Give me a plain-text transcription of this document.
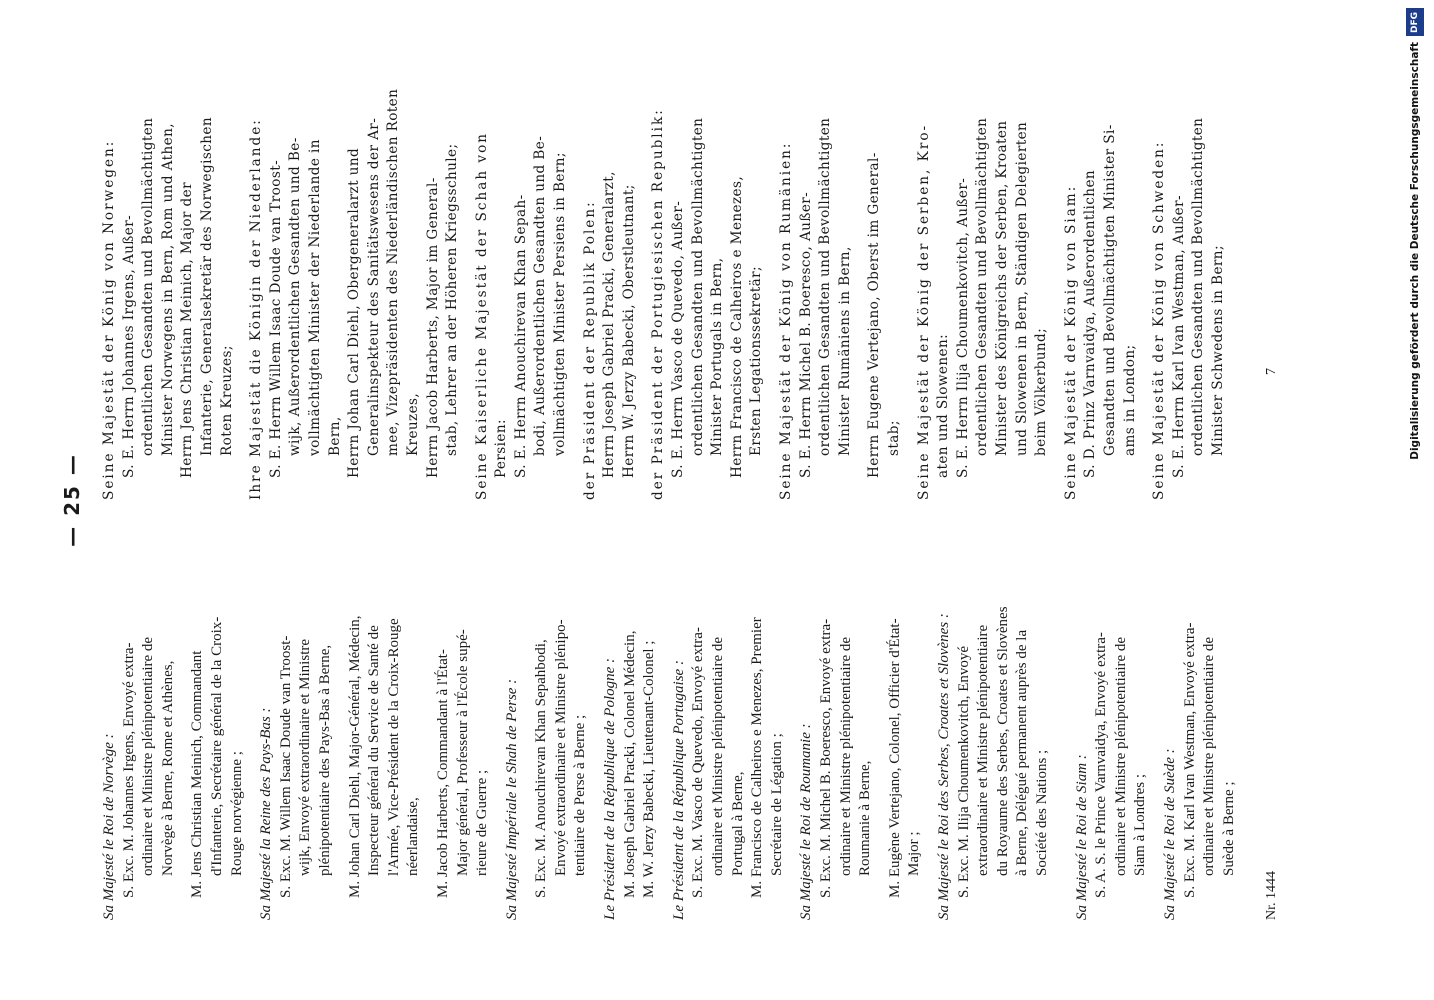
— 25 —
Sa Majesté le Roi de Norvège : S. Exc. M. Johannes Irgens, Envoyé extra- ordinaire et Ministre plénipotentiaire de Norvège à Berne, Rome et Athènes, M. Jens Christian Meinich, Commandant d'Infanterie, Secrétaire général de la Croix- Rouge norvégienne ; Sa Majesté la Reine des Pays-Bas : S. Exc. M. Willem Isaac Doude van Troost- wijk, Envoyé extraordinaire et Ministre plénipotentiaire des Pays-Bas à Berne, M. Johan Carl Diehl, Major-Général, Médecin, Inspecteur général du Service de Santé de l'Armée, Vice-Président de la Croix-Rouge néerlandaise, M. Jacob Harberts, Commandant à l'État- Major général, Professeur à l'École supé- rieure de Guerre ; Sa Majesté Impériale le Shah de Perse : S. Exc. M. Anouchirevan Khan Sepahbodi, Envoyé extraordinaire et Ministre plénipo- tentiaire de Perse à Berne ; Le Président de la République de Pologne : M. Joseph Gabriel Pracki, Colonel Médecin, M. W. Jerzy Babecki, Lieutenant-Colonel ; Le Président de la République Portugaise : S. Exc. M. Vasco de Quevedo, Envoyé extra- ordinaire et Ministre plénipotentiaire de Portugal à Berne, M. Francisco de Calheiros e Menezes, Premier Secrétaire de Légation ; Sa Majesté le Roi de Roumanie : S. Exc. M. Michel B. Boeresco, Envoyé extra- ordinaire et Ministre plénipotentiaire de Roumanie à Berne, M. Eugène Vertejano, Colonel, Officier d'État- Major ; Sa Majesté le Roi des Serbes, Croates et Slovènes : S. Exc. M. Ilija Choumenkovitch, Envoyé extraordinaire et Ministre plénipotentiaire du Royaume des Serbes, Croates et Slovènes à Berne, Délégué permanent auprès de la Société des Nations ; Sa Majesté le Roi de Siam : S. A. S. le Prince Varnvaidya, Envoyé extra- ordinaire et Ministre plénipotentiaire de Siam à Londres ; Sa Majesté le Roi de Suède : S. Exc. M. Karl Ivan Westman, Envoyé extra- ordinaire et Ministre plénipotentiaire de Suède à Berne ;
Seine Majestät der König von Norwegen: S. E. Herrn Johannes Irgens, Außer- ordentlichen Gesandten und Bevollmächtigten Minister Norwegens in Bern, Rom und Athen, Herrn Jens Christian Meinich, Major der Infanterie, Generalsekretär des Norwegischen Roten Kreuzes; Ihre Majestät die Königin der Niederlande: S. E. Herrn Willem Isaac Doude van Troost- wijk, Außerordentlichen Gesandten und Be- vollmächtigten Minister der Niederlande in Bern, Herrn Johan Carl Diehl, Obergeneralarzt und Generalinspekteur des Sanitätswesens der Ar- mee, Vizepräsidenten des Niederländischen Roten Kreuzes, Herrn Jacob Harberts, Major im General- stab, Lehrer an der Höheren Kriegsschule; Seine Kaiserliche Majestät der Schah von Persien: S. E. Herrn Anouchirevan Khan Sepah- bodi, Außerordentlichen Gesandten und Be- vollmächtigten Minister Persiens in Bern; der Präsident der Republik Polen: Herrn Joseph Gabriel Pracki, Generalarzt, Herrn W. Jerzy Babecki, Oberstleutnant; der Präsident der Portugiesischen Republik: S. E. Herrn Vasco de Quevedo, Außer- ordentlichen Gesandten und Bevollmächtigten Minister Portugals in Bern, Herrn Francisco de Calheiros e Menezes, Ersten Legationssekretär; Seine Majestät der König von Rumänien: S. E. Herrn Michel B. Boeresco, Außer- ordentlichen Gesandten und Bevollmächtigten Minister Rumäniens in Bern, Herrn Eugene Vertejano, Oberst im General- stab; Seine Majestät der König der Serben, Kro- aten und Slowenen: S. E. Herrn Ilija Choumenkovitch, Außer- ordentlichen Gesandten und Bevollmächtigten Minister des Königreichs der Serben, Kroaten und Slowenen in Bern, Ständigen Delegierten beim Völkerbund; Seine Majestät der König von Siam: S. D. Prinz Varnvaidya, Außerordentlichen Gesandten und Bevollmächtigten Minister Si- ams in London; Seine Majestät der König von Schweden: S. E. Herrn Karl Ivan Westman, Außer- ordentlichen Gesandten und Bevollmächtigten Minister Schwedens in Bern;
Nr. 1444
7
DFG
Digitalisierung gefördert durch die Deutsche Forschungsgemeinschaft
